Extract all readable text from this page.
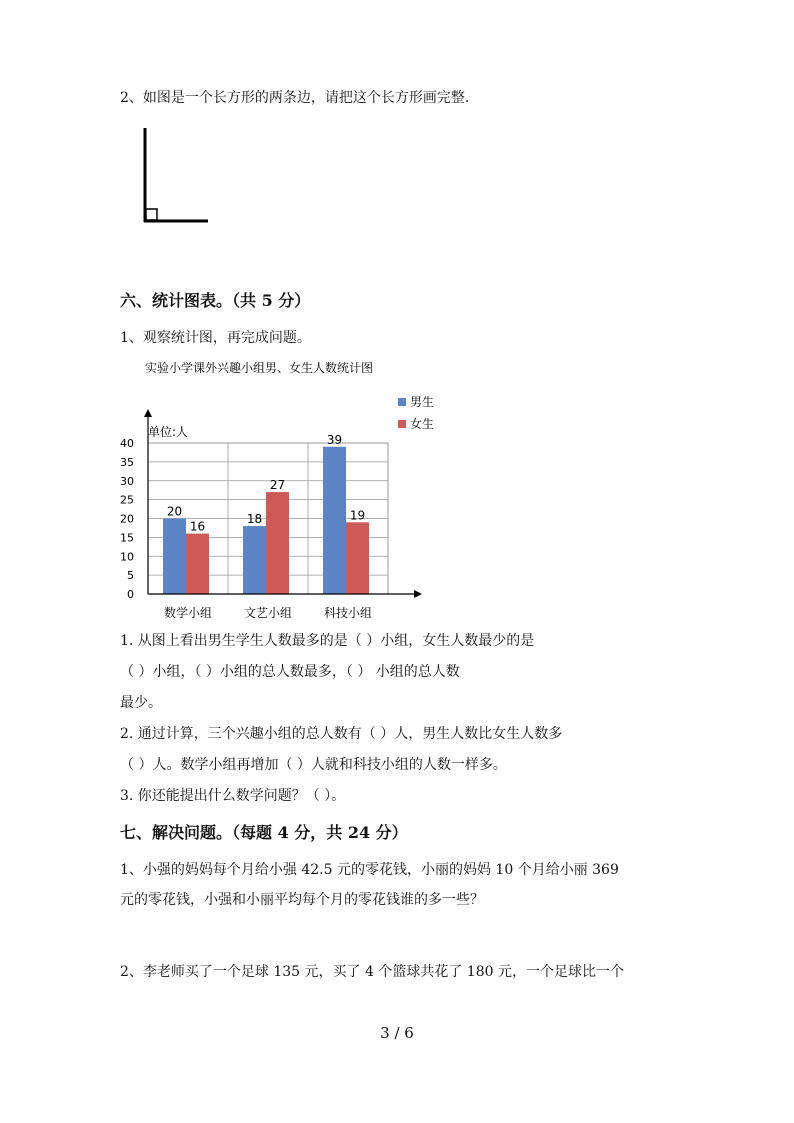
2、如图是一个长方形的两条边，请把这个长方形画完整.
六、统计图表。（共 5 分）
1、观察统计图，再完成问题。
实验小学课外兴趣小组男、女生人数统计图
男生
女生
单位:人
0
5
10
15
20
25
30
35
40
20
16
18
27
39
19
数学小组	文艺小组	科技小组
1. 从图上看出男生学生人数最多的是（ ）小组，女生人数最少的是
（ ）小组，（ ）小组的总人数最多，（ ） 小组的总人数
最少。
2. 通过计算，三个兴趣小组的总人数有（ ）人，男生人数比女生人数多
（ ）人。数学小组再增加（ ）人就和科技小组的人数一样多。
3. 你还能提出什么数学问题？（ ）。
七、解决问题。（每题 4 分，共 24 分）
1、小强的妈妈每个月给小强 42.5 元的零花钱，小丽的妈妈 10 个月给小丽 369
元的零花钱，小强和小丽平均每个月的零花钱谁的多一些？
2、李老师买了一个足球 135 元，买了 4 个篮球共花了 180 元，一个足球比一个
3 / 6
